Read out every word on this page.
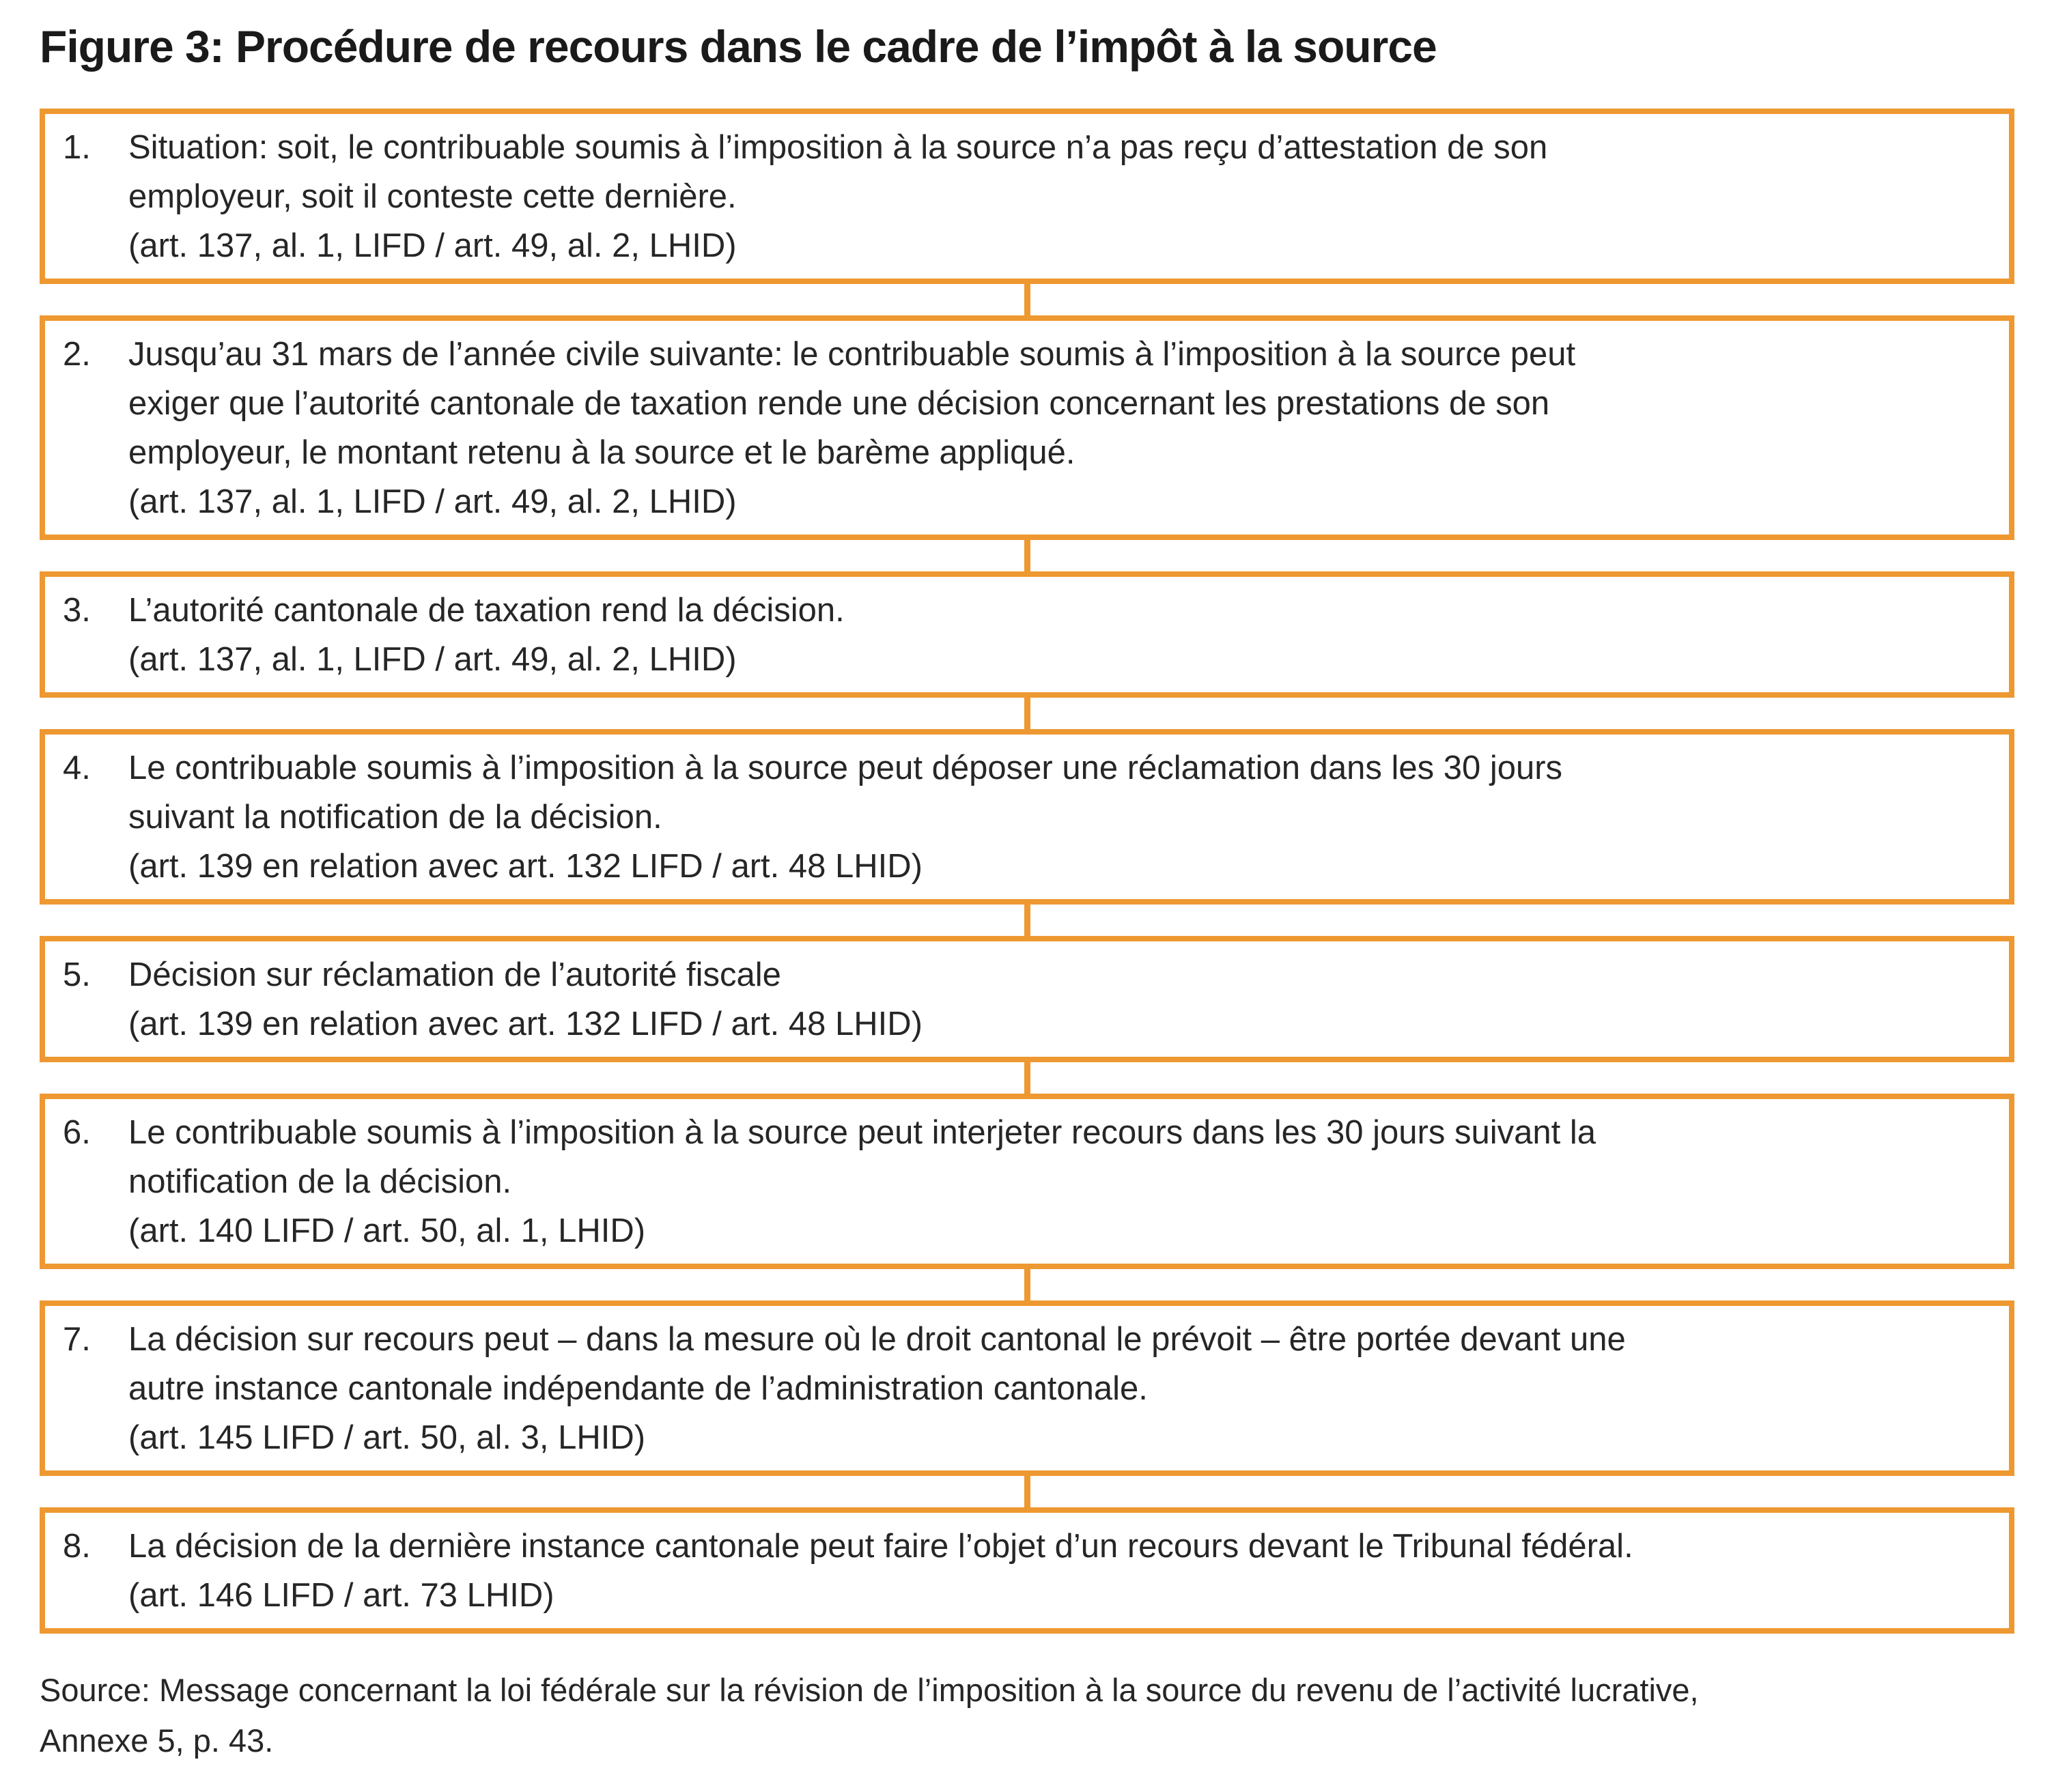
Figure 3: Procédure de recours dans le cadre de l’impôt à la source
1.	Situation: soit, le contribuable soumis à l’imposition à la source n’a pas reçu d’attestation de son
employeur, soit il conteste cette dernière.
(art. 137, al. 1, LIFD / art. 49, al. 2, LHID)
2.	Jusqu’au 31 mars de l’année civile suivante: le contribuable soumis à l’imposition à la source peut
exiger que l’autorité cantonale de taxation rende une décision concernant les prestations de son
employeur, le montant retenu à la source et le barème appliqué.
(art. 137, al. 1, LIFD / art. 49, al. 2, LHID)
3.	L’autorité cantonale de taxation rend la décision.
(art. 137, al. 1, LIFD / art. 49, al. 2, LHID)
4.	Le contribuable soumis à l’imposition à la source peut déposer une réclamation dans les 30 jours
suivant la notification de la décision.
(art. 139 en relation avec art. 132 LIFD / art. 48 LHID)
5.	Décision sur réclamation de l’autorité fiscale
(art. 139 en relation avec art. 132 LIFD / art. 48 LHID)
6.	Le contribuable soumis à l’imposition à la source peut interjeter recours dans les 30 jours suivant la
notification de la décision.
(art. 140 LIFD / art. 50, al. 1, LHID)
7.	La décision sur recours peut – dans la mesure où le droit cantonal le prévoit – être portée devant une
autre instance cantonale indépendante de l’administration cantonale.
(art. 145 LIFD / art. 50, al. 3, LHID)
8.	La décision de la dernière instance cantonale peut faire l’objet d’un recours devant le Tribunal fédéral.
(art. 146 LIFD / art. 73 LHID)
Source: Message concernant la loi fédérale sur la révision de l’imposition à la source du revenu de l’activité lucrative,
Annexe 5, p. 43.
